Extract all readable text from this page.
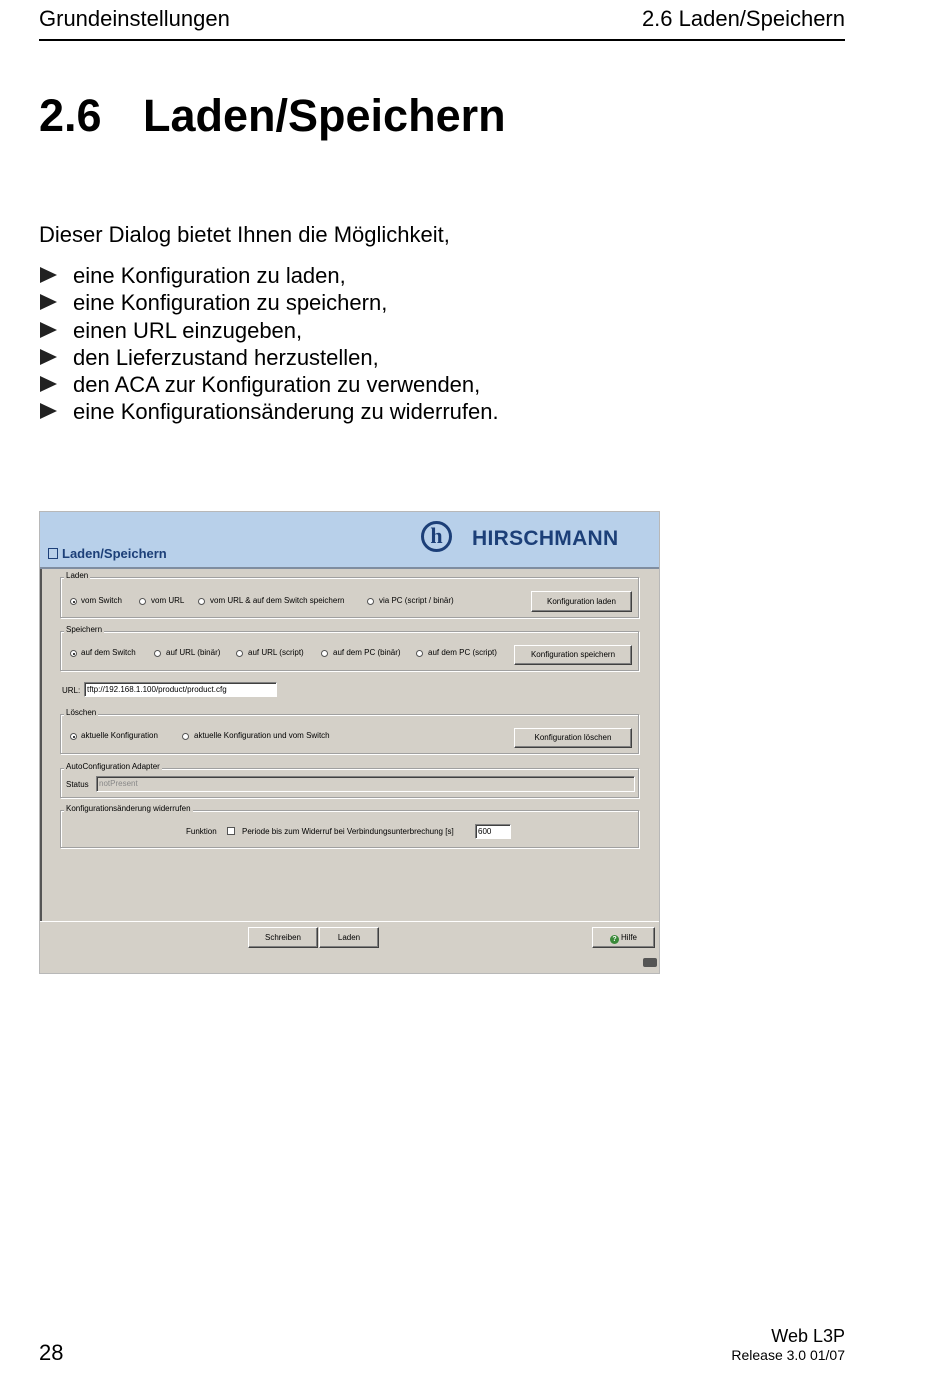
Grundeinstellungen	2.6 Laden/Speichern
2.6 Laden/Speichern
Dieser Dialog bietet Ihnen die Möglichkeit,
eine Konfiguration zu laden,
eine Konfiguration zu speichern,
einen URL einzugeben,
den Lieferzustand herzustellen,
den ACA zur Konfiguration zu verwenden,
eine Konfigurationsänderung zu widerrufen.
Laden/Speichern
h	HIRSCHMANN
Laden
vom Switch	vom URL	vom URL & auf dem Switch speichern	via PC (script / binär)	Konfiguration laden
Speichern
auf dem Switch	auf URL (binär)	auf URL (script)	auf dem PC (binär)	auf dem PC (script)	Konfiguration speichern
URL: tftp://192.168.1.100/product/product.cfg
Löschen
aktuelle Konfiguration	aktuelle Konfiguration und vom Switch	Konfiguration löschen
AutoConfiguration Adapter
Status	notPresent
Konfigurationsänderung widerrufen
Funktion	Periode bis zum Widerruf bei Verbindungsunterbrechung [s]	600
Schreiben	Laden	? Hilfe
28
Web L3P
Release 3.0 01/07
